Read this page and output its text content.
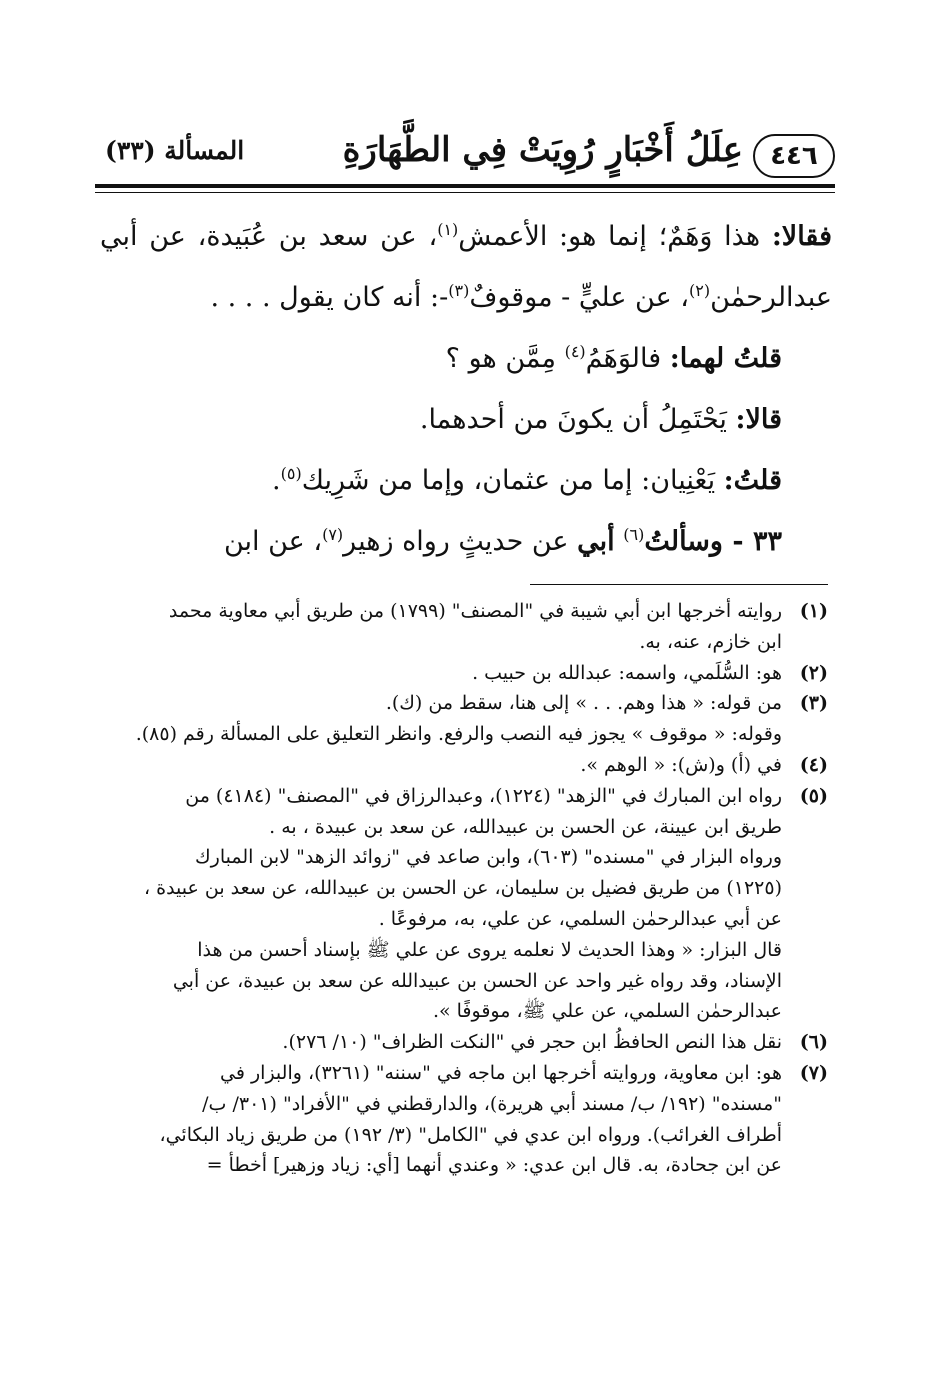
٤٤٦
عِلَلُ أَخْبَارٍ رُوِيَتْ فِي الطَّهَارَةِ
المسألة (٣٣)

فقالا: هذا وَهَمٌ؛ إنما هو: الأعمش$^{(١)}$، عن سعد بن عُبَيدة، عن أبي عبدالرحمٰن$^{(٢)}$، عن عليٍّ - موقوفٌ$^{(٣)}$-: أنه كان يقول . . . .

قلتُ لهما: فالوَهَمُ$^{(٤)}$ مِمَّن هو ؟

قالا: يَحْتَمِلُ أن يكونَ من أحدهما.

قلتُ: يَعْنِيان: إما من عثمان، وإما من شَرِيك$^{(٥)}$.

٣٣ - وسألتُ$^{(٦)}$ أبي عن حديثٍ رواه زهير$^{(٧)}$، عن ابن

(١)
روايته أخرجها ابن أبي شيبة في "المصنف" (١٧٩٩) من طريق أبي معاوية محمد
ابن خازم، عنه، به.
(٢)
هو: السُّلَمي، واسمه: عبدالله بن حبيب .
(٣)
من قوله: « هذا وهم. . . » إلى هنا، سقط من (ك).
وقوله: « موقوف » يجوز فيه النصب والرفع. وانظر التعليق على المسألة رقم (٨٥).
(٤)
في (أ) و(ش): « الوهم ».
(٥)
رواه ابن المبارك في "الزهد" (١٢٢٤)، وعبدالرزاق في "المصنف" (٤١٨٤) من
طريق ابن عيينة، عن الحسن بن عبيدالله، عن سعد بن عبيدة ، به .
ورواه البزار في "مسنده" (٦٠٣)، وابن صاعد في "زوائد الزهد" لابن المبارك
(١٢٢٥) من طريق فضيل بن سليمان، عن الحسن بن عبيدالله، عن سعد بن عبيدة ،
عن أبي عبدالرحمٰن السلمي، عن علي، به، مرفوعًا .
قال البزار: « وهذا الحديث لا نعلمه يروى عن علي ﷺ بإسناد أحسن من هذا
الإسناد، وقد رواه غير واحد عن الحسن بن عبيدالله عن سعد بن عبيدة، عن أبي
عبدالرحمٰن السلمي، عن علي ﷺ، موقوفًا ».
(٦)
نقل هذا النص الحافظُ ابن حجر في "النكت الظراف" (١٠/ ٢٧٦).
(٧)
هو: ابن معاوية، وروايته أخرجها ابن ماجه في "سننه" (٣٢٦١)، والبزار في
"مسنده" (١٩٢/ ب/ مسند أبي هريرة)، والدارقطني في "الأفراد" (٣٠١/ ب/
أطراف الغرائب). ورواه ابن عدي في "الكامل" (٣/ ١٩٢) من طريق زياد البكائي،
عن ابن جحادة، به. قال ابن عدي: « وعندي أنهما [أي: زياد وزهير] أخطأ =
